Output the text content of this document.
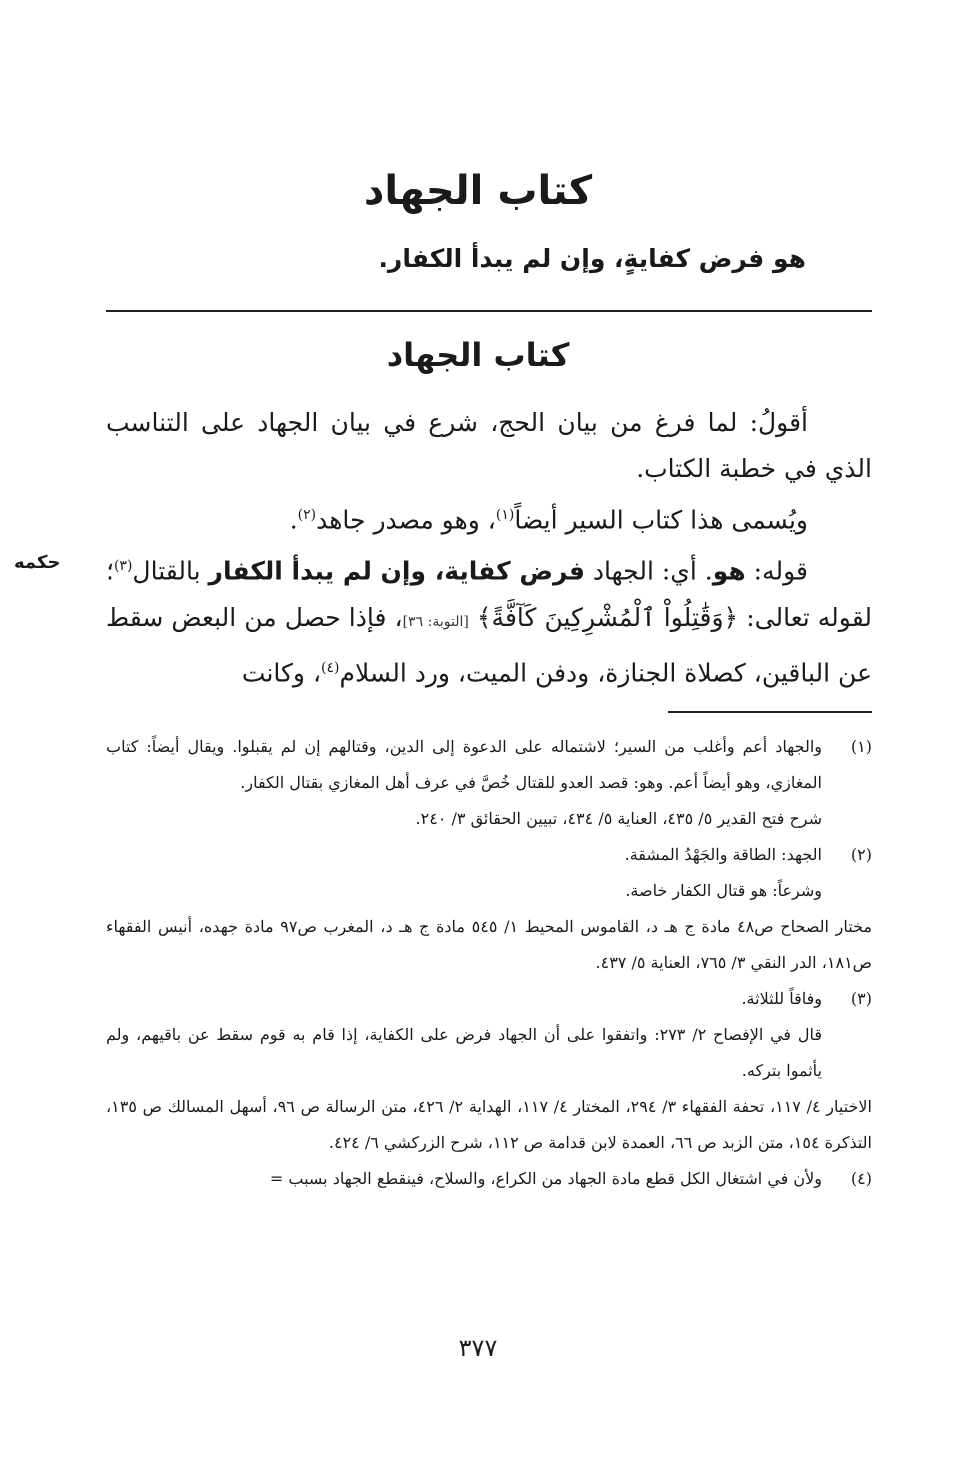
كتاب الجهاد
هو فرض كفايةٍ، وإن لم يبدأ الكفار.
كتاب الجهاد

أقولُ: لما فرغ من بيان الحج، شرع في بيان الجهاد على التناسب الذي في خطبة الكتاب.

ويُسمى هذا كتاب السير أيضاً$^{(١)}$، وهو مصدر جاهد$^{(٢)}$.

قوله: هو. أي: الجهاد فرض كفاية، وإن لم يبدأ الكفار بالقتال$^{(٣)}$؛ لقوله تعالى: ﴿وَقَٰتِلُواْ ٱلْمُشْرِكِينَ كَآفَّةً﴾ [التوبة: ٣٦]، فإذا حصل من البعض سقط عن الباقين، كصلاة الجنازة، ودفن الميت، ورد السلام$^{(٤)}$، وكانت

حكمه
(١)

والجهاد أعم وأغلب من السير؛ لاشتماله على الدعوة إلى الدين، وقتالهم إن لم يقبلوا. ويقال أيضاً: كتاب المغازي، وهو أيضاً أعم. وهو: قصد العدو للقتال خُصَّ في عرف أهل المغازي بقتال الكفار.

شرح فتح القدير ٥/ ٤٣٥، العناية ٥/ ٤٣٤، تبيين الحقائق ٣/ ٢٤٠.

(٢)

الجهد: الطاقة والجَهْدُ المشقة.

وشرعاً: هو قتال الكفار خاصة.

مختار الصحاح ص٤٨ مادة ج هـ د، القاموس المحيط ١/ ٥٤٥ مادة ج هـ د، المغرب ص٩٧ مادة جهده، أنيس الفقهاء ص١٨١، الدر النقي ٣/ ٧٦٥، العناية ٥/ ٤٣٧.

(٣)

وفاقاً للثلاثة.

قال في الإفصاح ٢/ ٢٧٣: واتفقوا على أن الجهاد فرض على الكفاية، إذا قام به قوم سقط عن باقيهم، ولم يأثموا بتركه.

الاختيار ٤/ ١١٧، تحفة الفقهاء ٣/ ٢٩٤، المختار ٤/ ١١٧، الهداية ٢/ ٤٢٦، متن الرسالة ص ٩٦، أسهل المسالك ص ١٣٥، التذكرة ١٥٤، متن الزبد ص ٦٦، العمدة لابن قدامة ص ١١٢، شرح الزركشي ٦/ ٤٢٤.

(٤)

ولأن في اشتغال الكل قطع مادة الجهاد من الكراع، والسلاح، فينقطع الجهاد بسبب =

٣٧٧
